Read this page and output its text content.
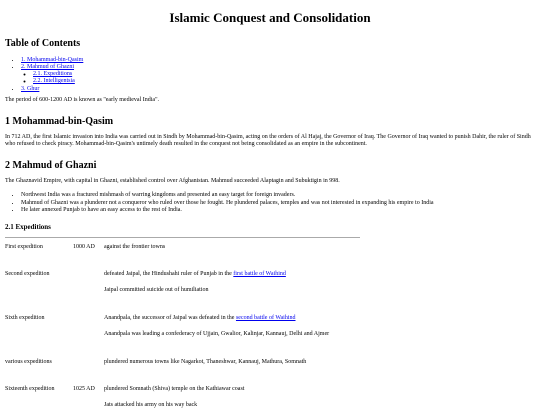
Islamic Conquest and Consolidation
Table of Contents
• 1. Mohammad-bin-Qasim
• 2. Mahmud of Ghazni
◦ 2.1. Expeditions
◦ 2.2. Intelligentsia
• 3. Ghur

The period of 600-1200 AD is known as "early medieval India".

1 Mohammad-bin-Qasim

In 712 AD, the first Islamic invasion into India was carried out in Sindh by Mohammad-bin-Qasim, acting on the orders of Al Hajaj, the Governor of Iraq. The Governor of Iraq wanted to punish Dahir, the ruler of Sindh who refused to check piracy. Mohammad-bin-Qasim's untimely death resulted in the conquest not being consolidated as an empire in the subcontinent.

2 Mahmud of Ghazni

The Ghaznavid Empire, with capital in Ghazni, established control over Afghanistan. Mahmud succeeded Alaptagin and Subuktigin in 998.

• Northwest India was a fractured mishmash of warring kingdoms and presented an easy target for foreign invaders.
• Mahmud of Ghazni was a plunderer not a conqueror who ruled over those he fought. He plundered palaces, temples and was not interested in expanding his empire to India
• He later annexed Punjab to have an easy access to the rest of India.
2.1 Expeditions
First expedition	1000 AD	against the frontier towns

Second expedition		defeated Jaipal, the Hindushahi ruler of Punjab in the first battle of Waihind

Jaipal committed suicide out of humiliation

Sixth expedition		Anandpala, the successor of Jaipal was defeated in the second battle of Waihind

Anandpala was leading a confederacy of Ujjain, Gwalior, Kalinjar, Kannauj, Delhi and Ajmer

various expeditions		plundered numerous towns like Nagarkot, Thaneshwar, Kannauj, Mathura, Somnath

Sixteenth expedition	1025 AD	plundered Somnath (Shiva) temple on the Kathiawar coast

Jats attacked his army on his way back
